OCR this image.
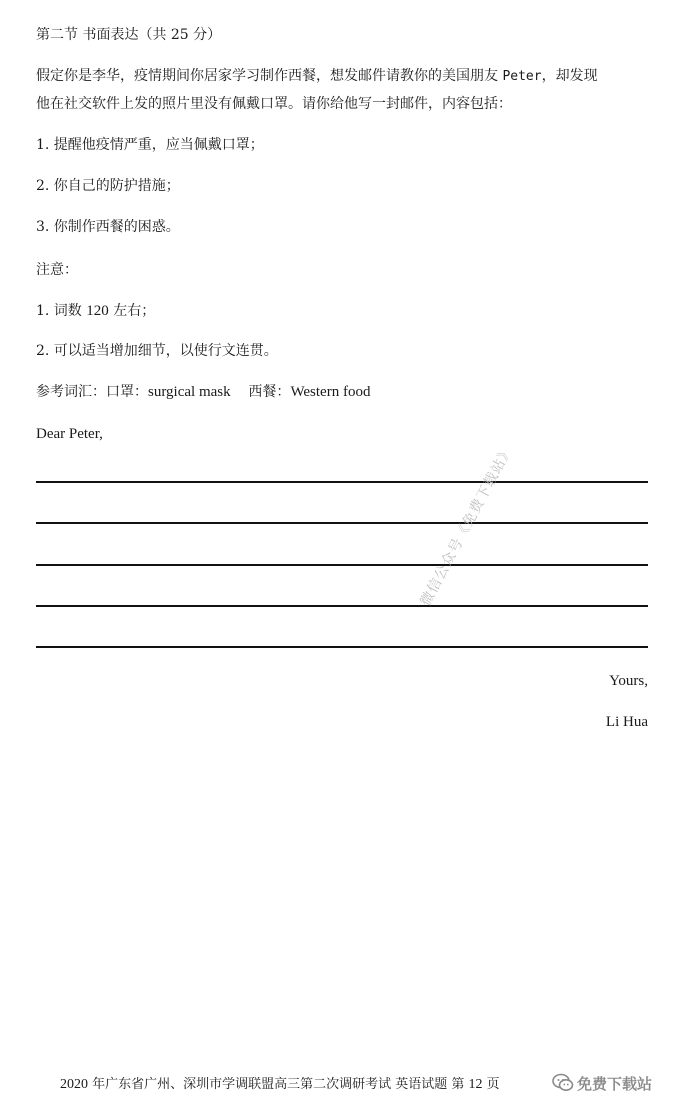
第二节 书面表达（共 25 分）
假定你是李华，疫情期间你居家学习制作西餐，想发邮件请教你的美国朋友 Peter，却发现
他在社交软件上发的照片里没有佩戴口罩。请你给他写一封邮件，内容包括：
1. 提醒他疫情严重，应当佩戴口罩；
2. 你自己的防护措施；
3. 你制作西餐的困惑。
注意：
1. 词数 120 左右；
2. 可以适当增加细节，以使行文连贯。
参考词汇：口罩：surgical mask    西餐：Western food
Dear Peter,
微信公众号《免费下载站》
Yours,
Li Hua
2020 年广东省广州、深圳市学调联盟高三第二次调研考试 英语试题 第 12 页	免费下载站
